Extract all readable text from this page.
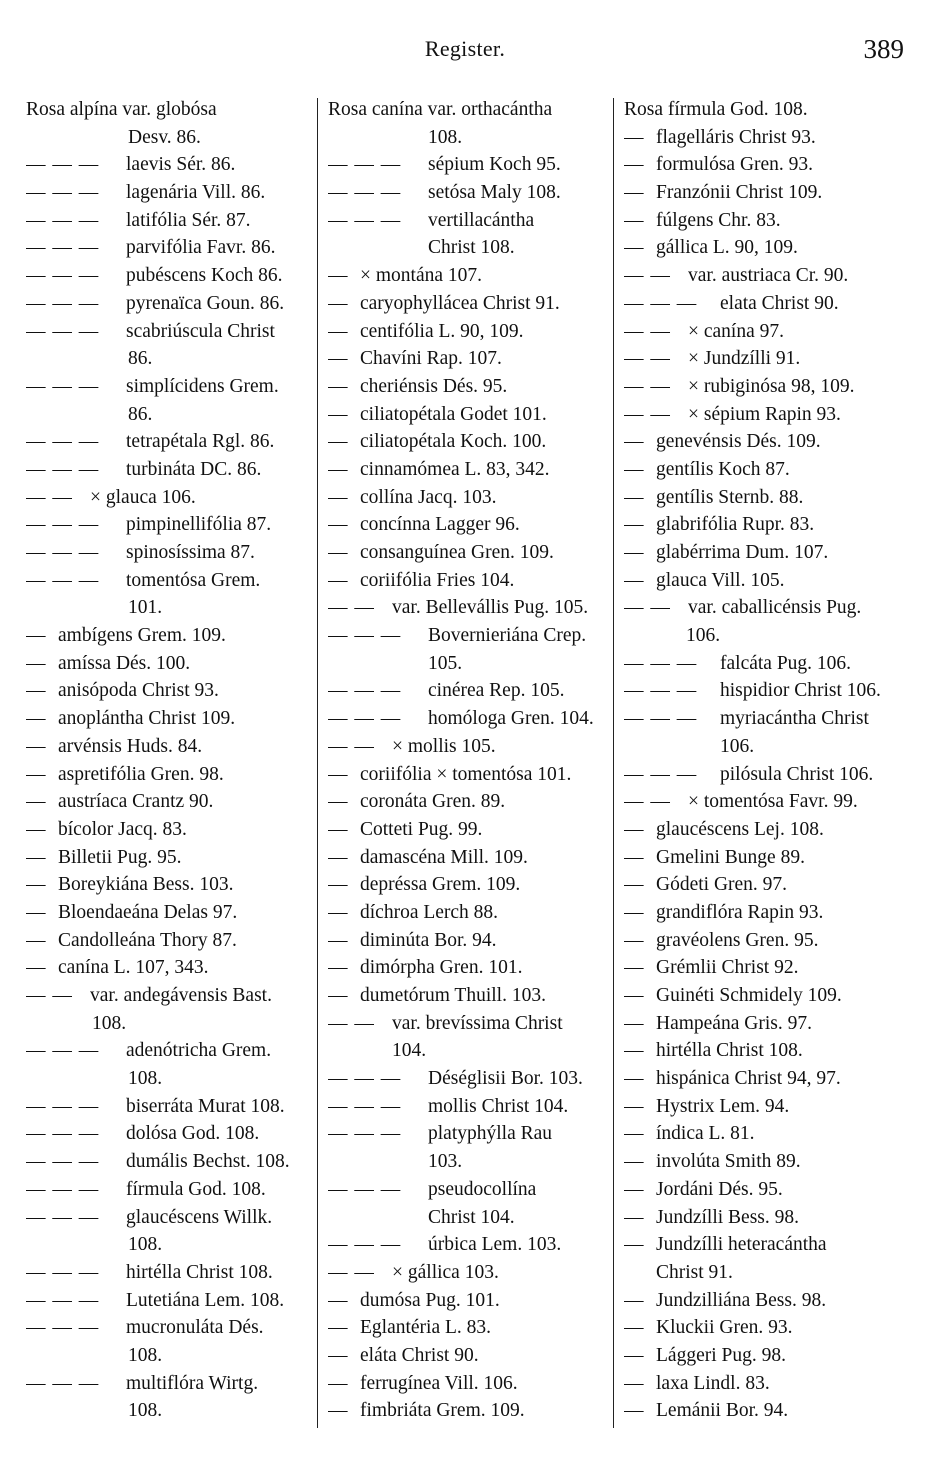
Register.	389
Rosa alpína var. globósa
Desv. 86.
— — —	laevis Sér. 86.
— — —	lagenária Vill. 86.
— — —	latifólia Sér. 87.
— — —	parvifólia Favr. 86.
— — —	pubéscens Koch 86.
— — —	pyrenaïca Goun. 86.
— — —	scabriúscula Christ
86.
— — —	simplícidens Grem.
86.
— — —	tetrapétala Rgl. 86.
— — —	turbináta DC. 86.
— — × glauca 106.
— — —	pimpinellifólia 87.
— — —	spinosíssima 87.
— — —	tomentósa Grem.
101.
— ambígens Grem. 109.
— amíssa Dés. 100.
— anisópoda Christ 93.
— anoplántha Christ 109.
— arvénsis Huds. 84.
— aspretifólia Gren. 98.
— austríaca Crantz 90.
— bícolor Jacq. 83.
— Billetii Pug. 95.
— Boreykiána Bess. 103.
— Bloendaeána Delas 97.
— Candolleána Thory 87.
— canína L. 107, 343.
— — var. andegávensis Bast.
108.
— — —	adenótricha Grem.
108.
— — —	biserráta Murat 108.
— — —	dolósa God. 108.
— — —	dumális Bechst. 108.
— — —	fírmula God. 108.
— — —	glaucéscens Willk.
108.
— — —	hirtélla Christ 108.
— — —	Lutetiána Lem. 108.
— — —	mucronuláta Dés.
108.
— — —	multiflóra Wirtg.
108.
Rosa canína var. orthacántha
108.
— — —	sépium Koch 95.
— — —	setósa Maly 108.
— — —	vertillacántha
Christ 108.
— × montána 107.
— caryophyllácea Christ 91.
— centifólia L. 90, 109.
— Chavíni Rap. 107.
— cheriénsis Dés. 95.
— ciliatopétala Godet 101.
— ciliatopétala Koch. 100.
— cinnamómea L. 83, 342.
— collína Jacq. 103.
— concínna Lagger 96.
— consanguínea Gren. 109.
— coriifólia Fries 104.
— — var. Bellevállis Pug. 105.
— — —	Bovernieriána Crep.
105.
— — —	cinérea Rep. 105.
— — —	homóloga Gren. 104.
— — × mollis 105.
— coriifólia × tomentósa 101.
— coronáta Gren. 89.
— Cotteti Pug. 99.
— damascéna Mill. 109.
— depréssa Grem. 109.
— díchroa Lerch 88.
— diminúta Bor. 94.
— dimórpha Gren. 101.
— dumetórum Thuill. 103.
— — var. brevíssima Christ
104.
— — —	Déséglisii Bor. 103.
— — —	mollis Christ 104.
— — —	platyphýlla Rau
103.
— — —	pseudocollína
Christ 104.
— — —	úrbica Lem. 103.
— — × gállica 103.
— dumósa Pug. 101.
— Eglantéria L. 83.
— eláta Christ 90.
— ferrugínea Vill. 106.
— fimbriáta Grem. 109.
Rosa fírmula God. 108.
— flagelláris Christ 93.
— formulósa Gren. 93.
— Franzónii Christ 109.
— fúlgens Chr. 83.
— gállica L. 90, 109.
— — var. austriaca Cr. 90.
— — —	elata Christ 90.
— — × canína 97.
— — × Jundzílli 91.
— — × rubiginósa 98, 109.
— — × sépium Rapin 93.
— genevénsis Dés. 109.
— gentílis Koch 87.
— gentílis Sternb. 88.
— glabrifólia Rupr. 83.
— glabérrima Dum. 107.
— glauca Vill. 105.
— — var. caballicénsis Pug.
106.
— — —	falcáta Pug. 106.
— — —	hispidior Christ 106.
— — —	myriacántha Christ
106.
— — —	pilósula Christ 106.
— — × tomentósa Favr. 99.
— glaucéscens Lej. 108.
— Gmelini Bunge 89.
— Gódeti Gren. 97.
— grandiflóra Rapin 93.
— gravéolens Gren. 95.
— Grémlii Christ 92.
— Guinéti Schmidely 109.
— Hampeána Gris. 97.
— hirtélla Christ 108.
— hispánica Christ 94, 97.
— Hystrix Lem. 94.
— índica L. 81.
— involúta Smith 89.
— Jordáni Dés. 95.
— Jundzílli Bess. 98.
— Jundzílli heteracántha
Christ 91.
— Jundzilliána Bess. 98.
— Kluckii Gren. 93.
— Lággeri Pug. 98.
— laxa Lindl. 83.
— Lemánii Bor. 94.
